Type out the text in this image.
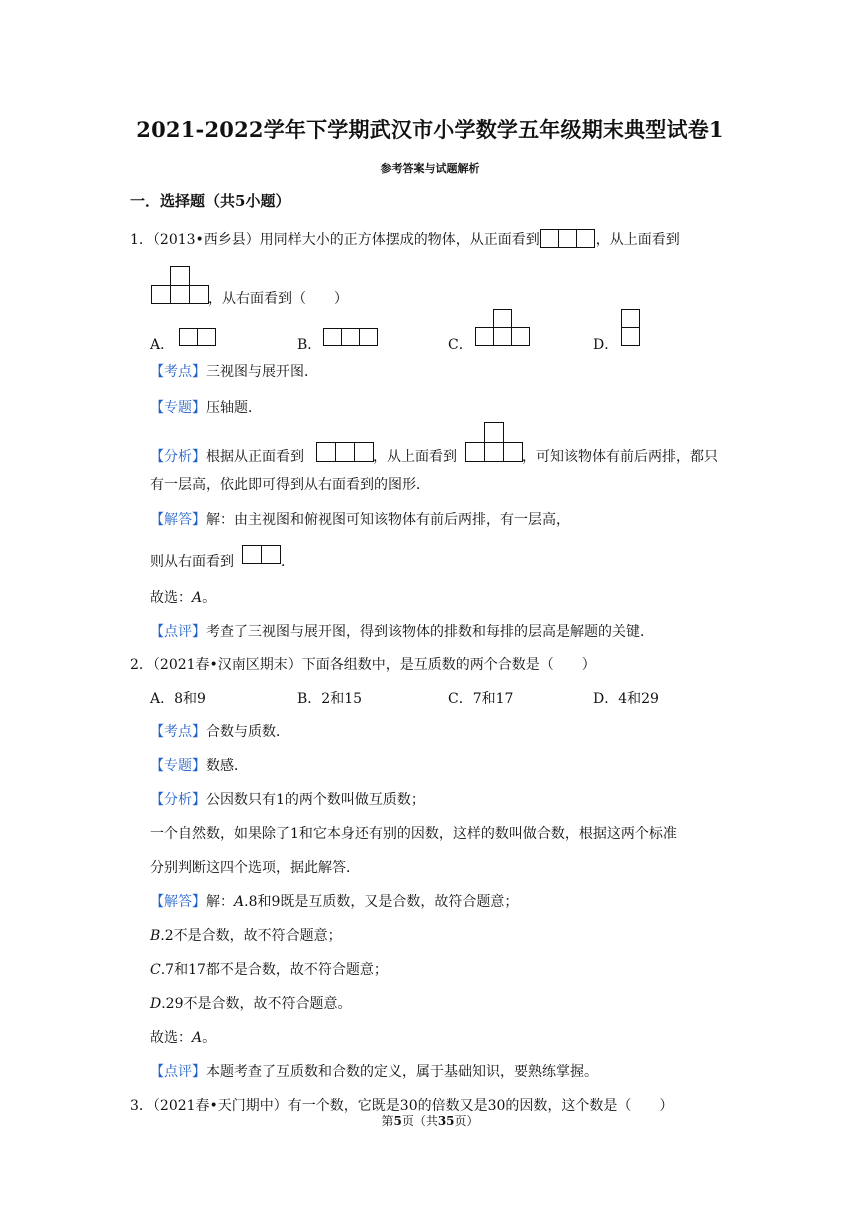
2021-2022学年下学期武汉市小学数学五年级期末典型试卷1
参考答案与试题解析
一．选择题（共5小题）
1．（2013•西乡县）用同样大小的正方体摆成的物体，从正面看到	，从上面看到
，从右面看到（　　）
A．	B．	C．	D．
【考点】三视图与展开图．
【专题】压轴题．
【分析】根据从正面看到	，从上面看到	，可知该物体有前后两排，都只
有一层高，依此即可得到从右面看到的图形．
【解答】解：由主视图和俯视图可知该物体有前后两排，有一层高，
则从右面看到	．
故选：A。
【点评】考查了三视图与展开图，得到该物体的排数和每排的层高是解题的关键．
2．（2021春•汉南区期末）下面各组数中，是互质数的两个合数是（　　）
A．8和9	B．2和15	C．7和17	D．4和29
【考点】合数与质数．
【专题】数感．
【分析】公因数只有1的两个数叫做互质数；
一个自然数，如果除了1和它本身还有别的因数，这样的数叫做合数，根据这两个标准
分别判断这四个选项，据此解答．
【解答】解：A.8和9既是互质数，又是合数，故符合题意；
B.2不是合数，故不符合题意；
C.7和17都不是合数，故不符合题意；
D.29不是合数，故不符合题意。
故选：A。
【点评】本题考查了互质数和合数的定义，属于基础知识，要熟练掌握。
3．（2021春•天门期中）有一个数，它既是30的倍数又是30的因数，这个数是（　　）
第5页（共35页）
